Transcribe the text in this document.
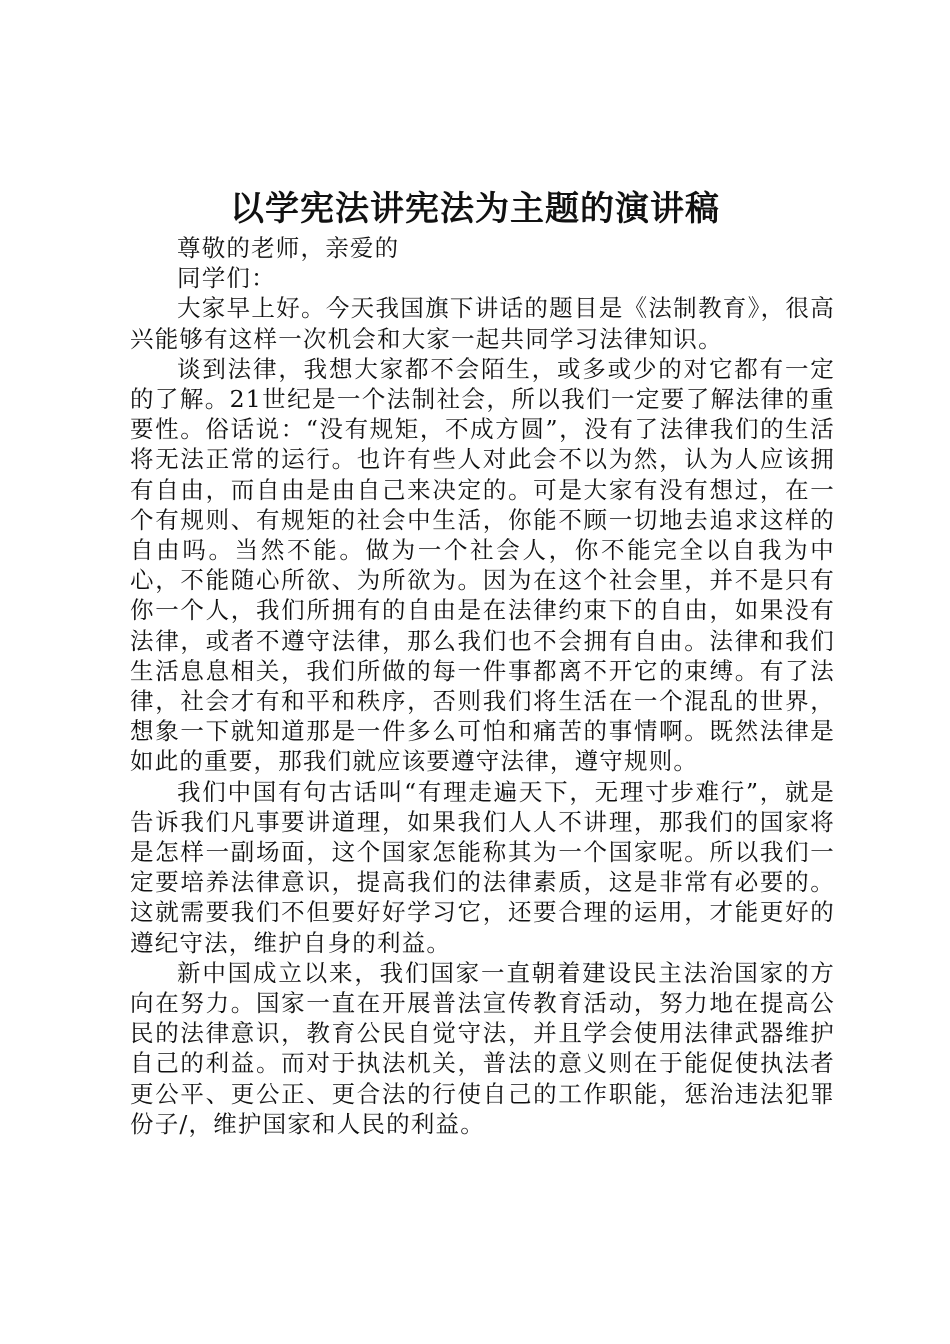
以学宪法讲宪法为主题的演讲稿

尊敬的老师，亲爱的

同学们：

大家早上好。今天我国旗下讲话的题目是《法制教育》，很高兴能够有这样一次机会和大家一起共同学习法律知识。

谈到法律，我想大家都不会陌生，或多或少的对它都有一定的了解。21世纪是一个法制社会，所以我们一定要了解法律的重要性。俗话说：“没有规矩，不成方圆”，没有了法律我们的生活将无法正常的运行。也许有些人对此会不以为然，认为人应该拥有自由，而自由是由自己来决定的。可是大家有没有想过，在一个有规则、有规矩的社会中生活，你能不顾一切地去追求这样的自由吗。当然不能。做为一个社会人，你不能完全以自我为中心，不能随心所欲、为所欲为。因为在这个社会里，并不是只有你一个人，我们所拥有的自由是在法律约束下的自由，如果没有法律，或者不遵守法律，那么我们也不会拥有自由。法律和我们生活息息相关，我们所做的每一件事都离不开它的束缚。有了法律，社会才有和平和秩序，否则我们将生活在一个混乱的世界，想象一下就知道那是一件多么可怕和痛苦的事情啊。既然法律是如此的重要，那我们就应该要遵守法律，遵守规则。

我们中国有句古话叫“有理走遍天下，无理寸步难行”，就是告诉我们凡事要讲道理，如果我们人人不讲理，那我们的国家将是怎样一副场面，这个国家怎能称其为一个国家呢。所以我们一定要培养法律意识，提高我们的法律素质，这是非常有必要的。这就需要我们不但要好好学习它，还要合理的运用，才能更好的遵纪守法，维护自身的利益。

新中国成立以来，我们国家一直朝着建设民主法治国家的方向在努力。国家一直在开展普法宣传教育活动，努力地在提高公民的法律意识，教育公民自觉守法，并且学会使用法律武器维护自己的利益。而对于执法机关，普法的意义则在于能促使执法者更公平、更公正、更合法的行使自己的工作职能，惩治违法犯罪份子/，维护国家和人民的利益。
